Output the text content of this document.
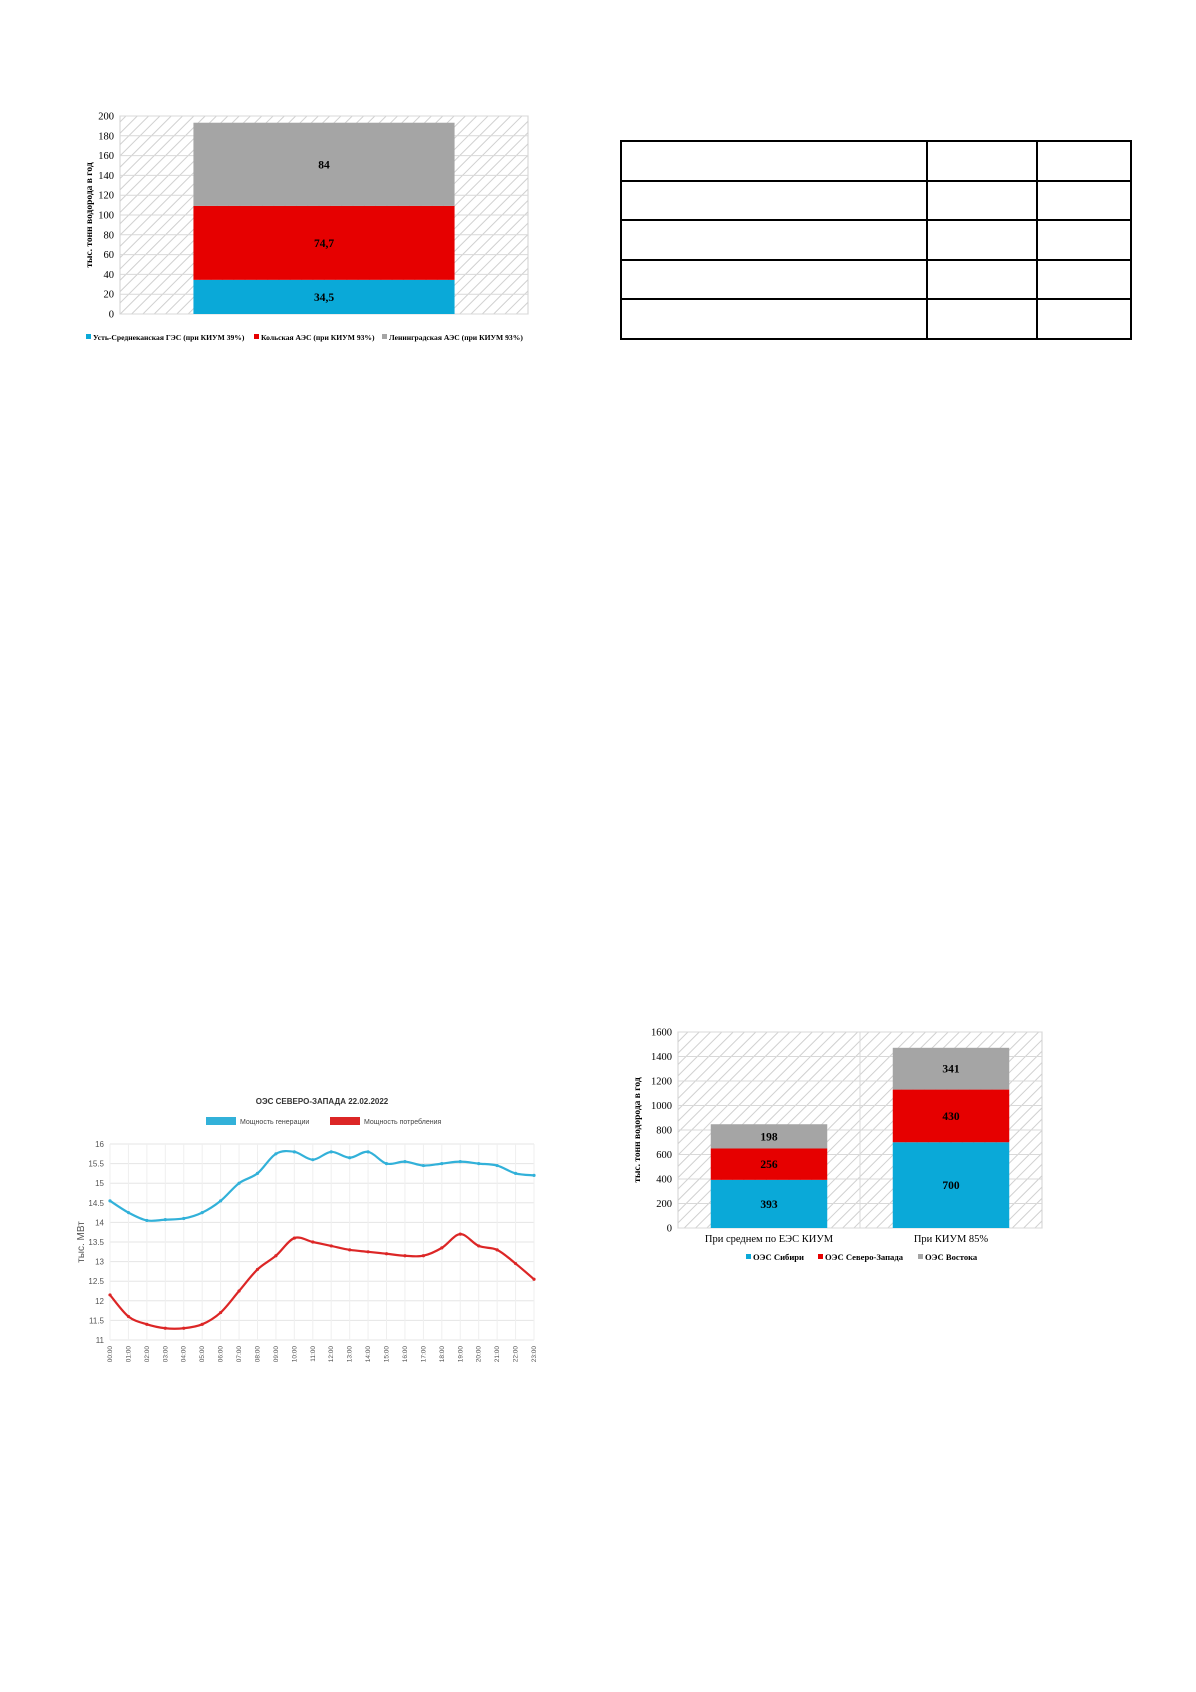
0
20
40
60
80
100
120
140
160
180
200
34,5
74,7
84
тыс. тонн водорода в год
Усть-Среднеканская ГЭС (при КИУМ 39%) Кольская АЭС (при КИУМ 93%) Ленинградская АЭС (при КИУМ 93%)

ОЭС СЕВЕРО-ЗАПАДА 22.02.2022
Мощность генерации	Мощность потребления
11
11.5
12
12.5
13
13.5
14
14.5
15
15.5
16
00:00 01:00 02:00 03:00 04:00 05:00 06:00 07:00 08:00 09:00 10:00 11:00 12:00 13:00 14:00 15:00 16:00 17:00 18:00 19:00 20:00 21:00 22:00 23:00
тыс. МВт	0
200
400
600
800
1000
1200
1400
1600
393
256
198
При среднем по ЕЭС КИУМ
700
430
341
При КИУМ 85%
тыс. тонн водорода в год
ОЭС Сибири ОЭС Северо-Запада	ОЭС Востока
